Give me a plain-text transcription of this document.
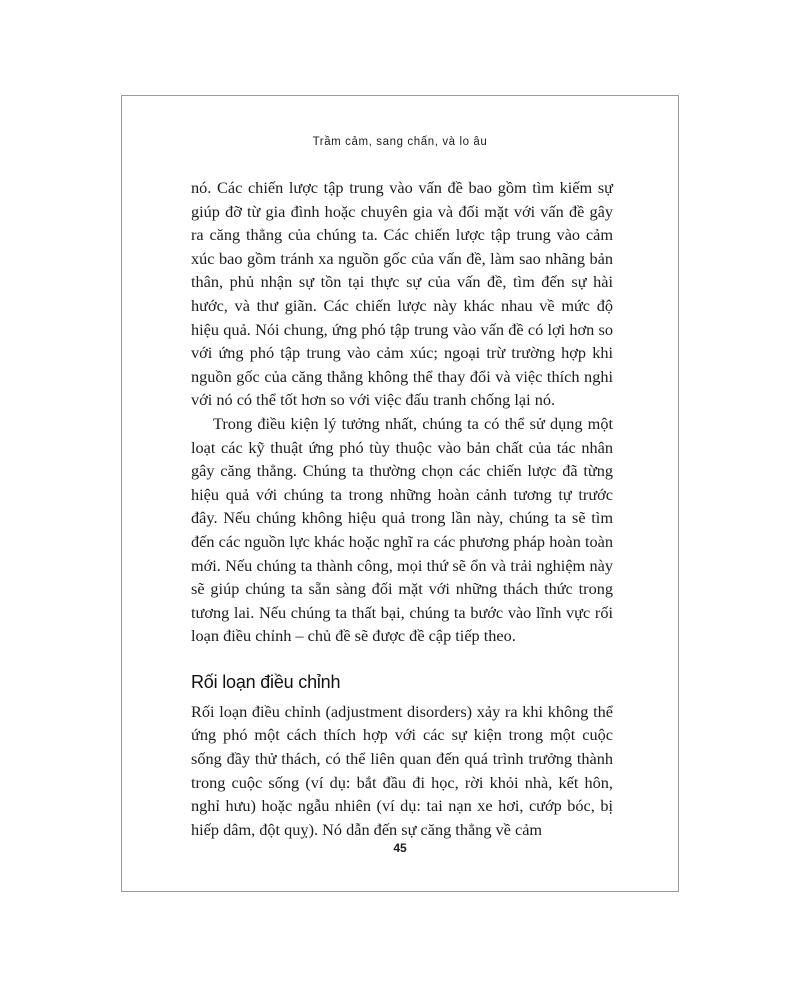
Trầm cảm, sang chấn, và lo âu

nó. Các chiến lược tập trung vào vấn đề bao gồm tìm kiếm sự giúp đỡ từ gia đình hoặc chuyên gia và đối mặt với vấn đề gây ra căng thẳng của chúng ta. Các chiến lược tập trung vào cảm xúc bao gồm tránh xa nguồn gốc của vấn đề, làm sao nhãng bản thân, phủ nhận sự tồn tại thực sự của vấn đề, tìm đến sự hài hước, và thư giãn. Các chiến lược này khác nhau về mức độ hiệu quả. Nói chung, ứng phó tập trung vào vấn đề có lợi hơn so với ứng phó tập trung vào cảm xúc; ngoại trừ trường hợp khi nguồn gốc của căng thẳng không thể thay đổi và việc thích nghi với nó có thể tốt hơn so với việc đấu tranh chống lại nó.

Trong điều kiện lý tưởng nhất, chúng ta có thể sử dụng một loạt các kỹ thuật ứng phó tùy thuộc vào bản chất của tác nhân gây căng thẳng. Chúng ta thường chọn các chiến lược đã từng hiệu quả với chúng ta trong những hoàn cảnh tương tự trước đây. Nếu chúng không hiệu quả trong lần này, chúng ta sẽ tìm đến các nguồn lực khác hoặc nghĩ ra các phương pháp hoàn toàn mới. Nếu chúng ta thành công, mọi thứ sẽ ổn và trải nghiệm này sẽ giúp chúng ta sẵn sàng đối mặt với những thách thức trong tương lai. Nếu chúng ta thất bại, chúng ta bước vào lĩnh vực rối loạn điều chỉnh – chủ đề sẽ được đề cập tiếp theo.

Rối loạn điều chỉnh

Rối loạn điều chỉnh (adjustment disorders) xảy ra khi không thể ứng phó một cách thích hợp với các sự kiện trong một cuộc sống đầy thử thách, có thể liên quan đến quá trình trưởng thành trong cuộc sống (ví dụ: bắt đầu đi học, rời khỏi nhà, kết hôn, nghỉ hưu) hoặc ngẫu nhiên (ví dụ: tai nạn xe hơi, cướp bóc, bị hiếp dâm, đột quỵ). Nó dẫn đến sự căng thẳng về cảm

45
